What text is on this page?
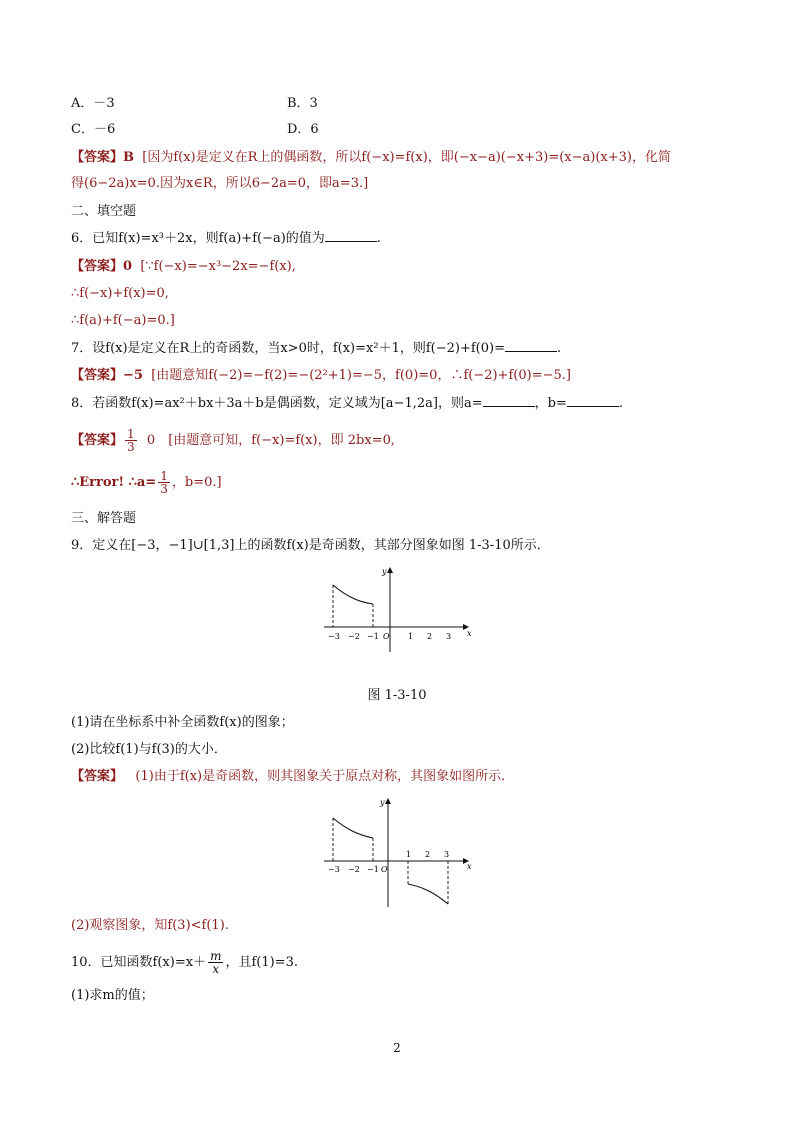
A．－3	B．3
C．－6	D．6
【答案】B [因为f(x)是定义在R上的偶函数，所以f(−x)=f(x)，即(−x−a)(−x+3)=(x−a)(x+3)，化简
得(6−2a)x=0.因为x∈R，所以6−2a=0，即a=3.]
二、填空题
6．已知f(x)=x³＋2x，则f(a)+f(−a)的值为	.
【答案】0 [∵f(−x)=−x³−2x=−f(x),
∴f(−x)+f(x)=0,
∴f(a)+f(−a)=0.]
7．设f(x)是定义在R上的奇函数，当x>0时，f(x)=x²＋1，则f(−2)+f(0)=	.
【答案】−5 [由题意知f(−2)=−f(2)=−(2²+1)=−5，f(0)=0，∴f(−2)+f(0)=−5.]
8．若函数f(x)=ax²＋bx＋3a＋b是偶函数，定义域为[a−1,2a]，则a=	，b=	.
【答案】 $\frac{1}{3} 0$　[由题意可知，f(−x)=f(x)，即 2bx=0,
∴Error! ∴a= $\frac{1}{3}$ ，b=0.]
三、解答题
9．定义在[−3，−1]∪[1,3]上的函数f(x)是奇函数，其部分图象如图 1-3-10所示．
x
y
O
−3 −2 −1	1 2 3
图 1-3-10
(1)请在坐标系中补全函数f(x)的图象；
(2)比较f(1)与f(3)的大小．
【答案】 (1)由于f(x)是奇函数，则其图象关于原点对称，其图象如图所示．
x
y
O
−3 −2 −1
1 2 3
(2)观察图象，知f(3)<f(1).
10．已知函数$f(x)=x+ \frac{m}{x}$ ，且f(1)=3.
(1)求m的值；
2
